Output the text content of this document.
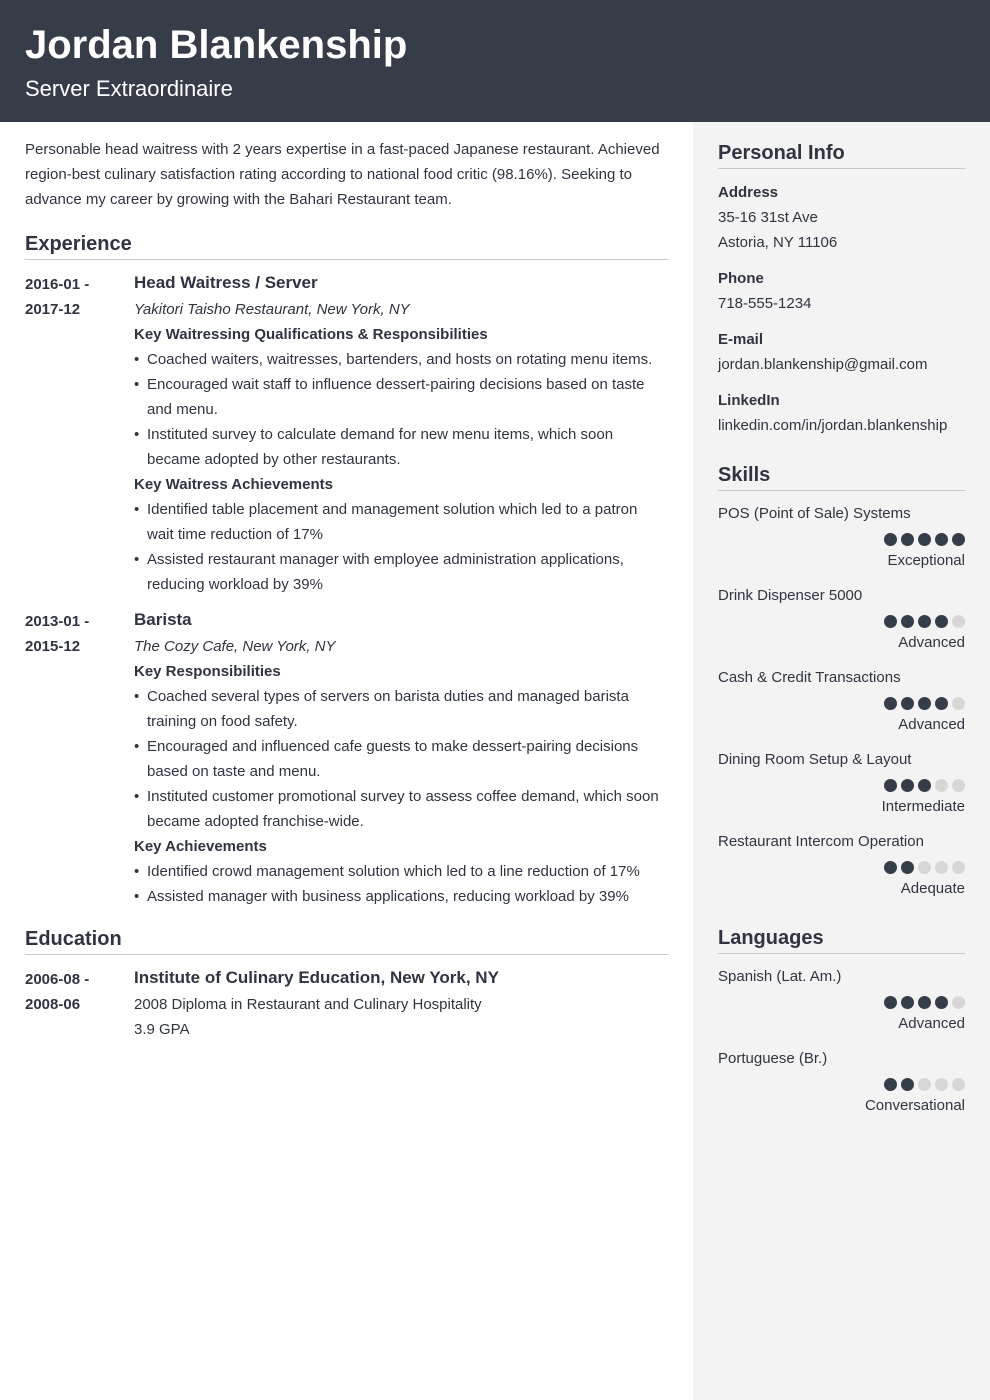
Jordan Blankenship
Server Extraordinaire

Personable head waitress with 2 years expertise in a fast-paced Japanese restaurant. Achieved region-best culinary satisfaction rating according to national food critic (98.16%). Seeking to advance my career by growing with the Bahari Restaurant team.

Experience
2016-01 -
2017-12
Head Waitress / Server
Yakitori Taisho Restaurant, New York, NY
Key Waitressing Qualifications & Responsibilities
• Coached waiters, waitresses, bartenders, and hosts on rotating menu items.
• Encouraged wait staff to influence dessert-pairing decisions based on taste and menu.
• Instituted survey to calculate demand for new menu items, which soon became adopted by other restaurants.
Key Waitress Achievements
• Identified table placement and management solution which led to a patron wait time reduction of 17%
• Assisted restaurant manager with employee administration applications, reducing workload by 39%
2013-01 -
2015-12
Barista
The Cozy Cafe, New York, NY
Key Responsibilities
• Coached several types of servers on barista duties and managed barista training on food safety.
• Encouraged and influenced cafe guests to make dessert-pairing decisions based on taste and menu.
• Instituted customer promotional survey to assess coffee demand, which soon became adopted franchise-wide.
Key Achievements
• Identified crowd management solution which led to a line reduction of 17%
• Assisted manager with business applications, reducing workload by 39%
Education
2006-08 -
2008-06
Institute of Culinary Education, New York, NY
2008 Diploma in Restaurant and Culinary Hospitality
3.9 GPA
Personal Info
Address
35-16 31st Ave
Astoria, NY 11106
Phone
718-555-1234
E-mail
jordan.blankenship@gmail.com
LinkedIn
linkedin.com/in/jordan.blankenship
Skills
POS (Point of Sale) Systems
Exceptional
Drink Dispenser 5000
Advanced
Cash & Credit Transactions
Advanced
Dining Room Setup & Layout
Intermediate
Restaurant Intercom Operation
Adequate
Languages
Spanish (Lat. Am.)
Advanced
Portuguese (Br.)
Conversational
